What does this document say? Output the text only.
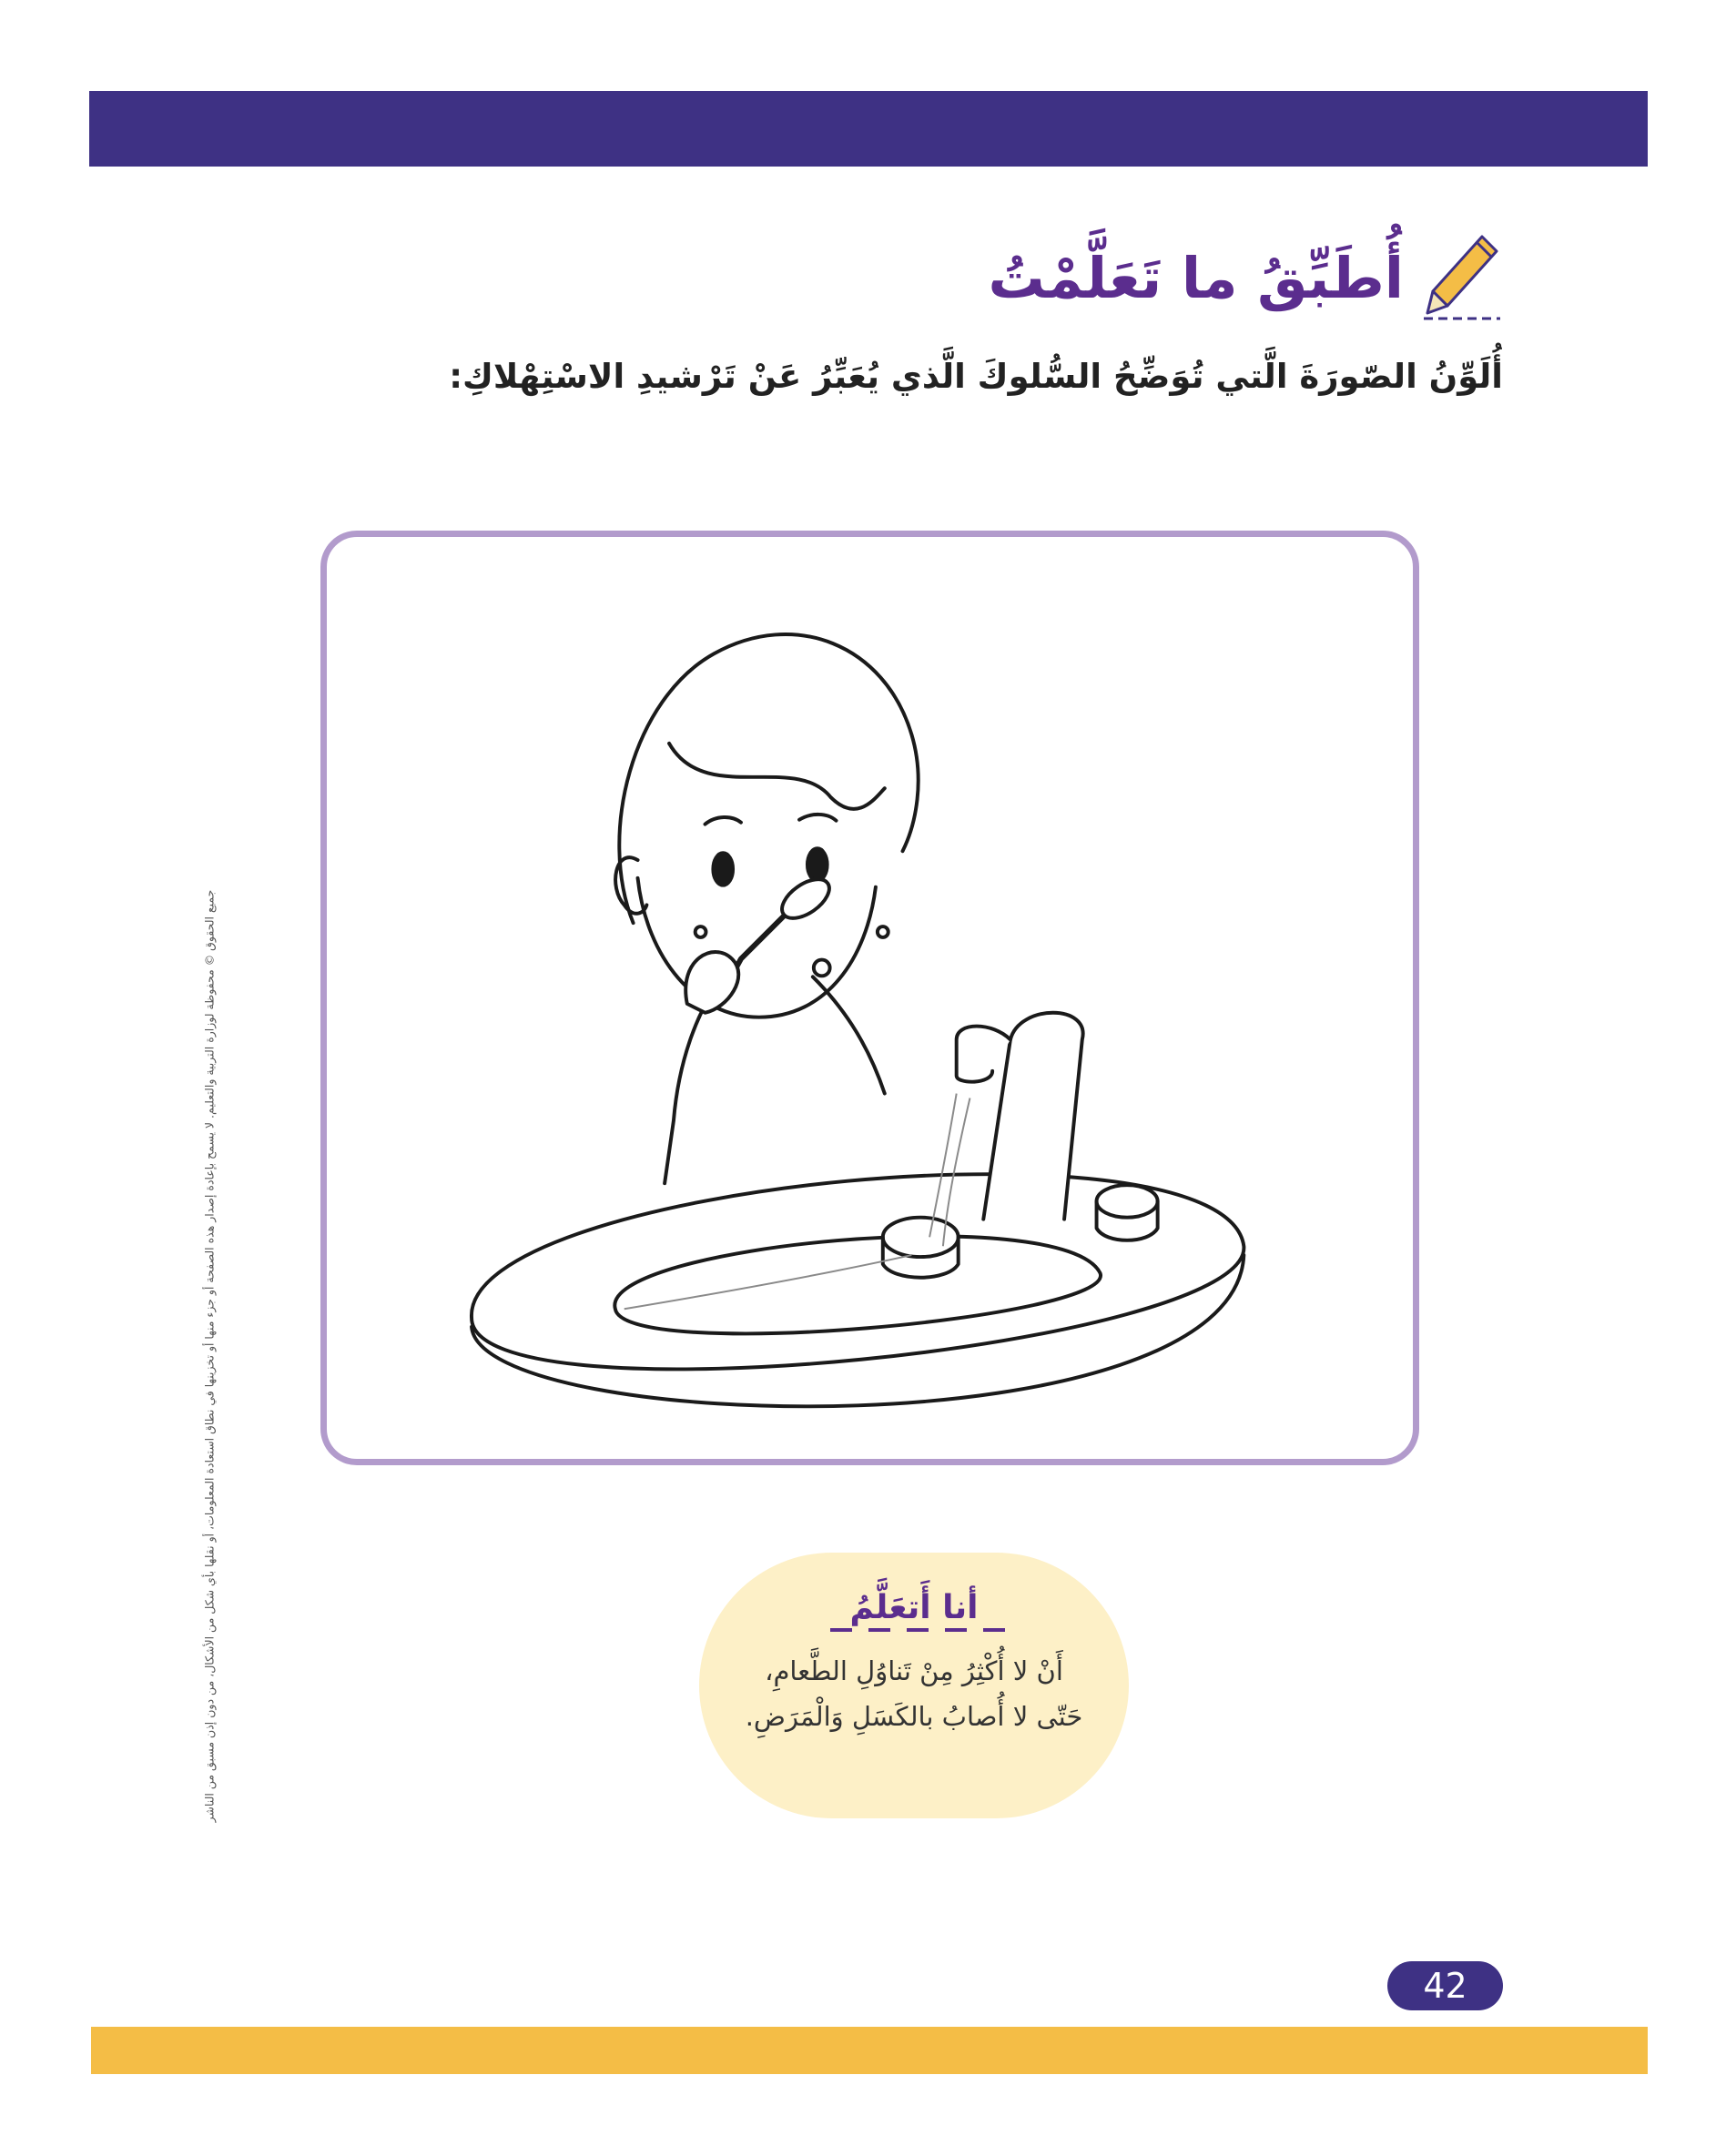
أُطَبِّقُ ما تَعَلَّمْتُ
أُلَوِّنُ الصّورَةَ الَّتي تُوَضِّحُ السُّلوكَ الَّذي يُعَبِّرُ عَنْ تَرْشيدِ الاسْتِهْلاكِ:
جميع الحقوق © محفوظة لوزارة التربية والتعليم. لا يسمح بإعادة إصدار هذه الصفحة أو جزء منها أو تخزينها في نطاق استعادة المعلومات، أو نقلها بأي شكل من الأشكال، من دون إذن مسبق من الناشر	أنا أَتعَلَّمُ
أَنْ لا أُكْثِرُ مِنْ تَناوُلِ الطَّعامِ،
حَتّى لا أُصابُ بالكَسَلِ وَالْمَرَضِ.
42
